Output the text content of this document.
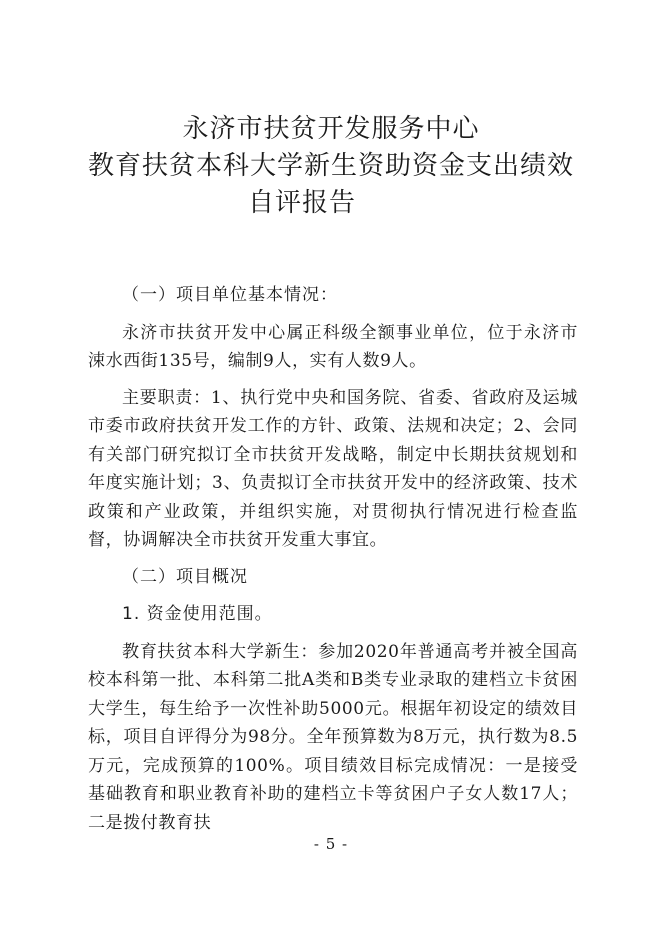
永济市扶贫开发服务中心
教育扶贫本科大学新生资助资金支出绩效
自评报告

（一）项目单位基本情况：

永济市扶贫开发中心属正科级全额事业单位，位于永济市涑水西街135号，编制9人，实有人数9人。

主要职责：1、执行党中央和国务院、省委、省政府及运城市委市政府扶贫开发工作的方针、政策、法规和决定；2、会同有关部门研究拟订全市扶贫开发战略，制定中长期扶贫规划和年度实施计划；3、负责拟订全市扶贫开发中的经济政策、技术政策和产业政策，并组织实施，对贯彻执行情况进行检查监督，协调解决全市扶贫开发重大事宜。

（二）项目概况

1. 资金使用范围。

教育扶贫本科大学新生：参加2020年普通高考并被全国高校本科第一批、本科第二批A类和B类专业录取的建档立卡贫困大学生，每生给予一次性补助5000元。根据年初设定的绩效目标，项目自评得分为98分。全年预算数为8万元，执行数为8.5万元，完成预算的100%。项目绩效目标完成情况：一是接受基础教育和职业教育补助的建档立卡等贫困户子女人数17人；二是拨付教育扶

- 5 -
